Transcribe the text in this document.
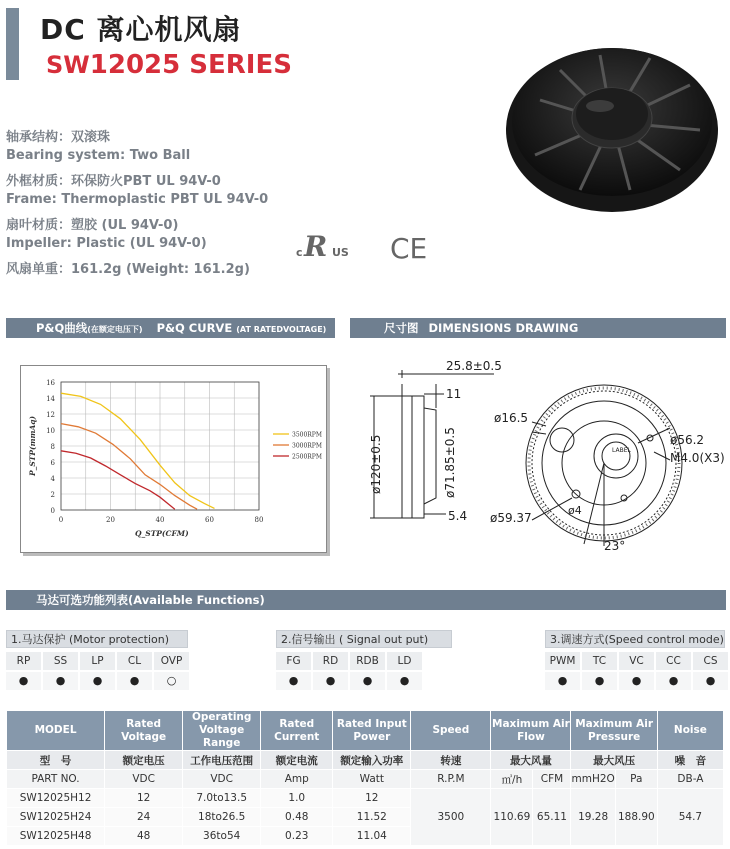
DC 离心机风扇
SW12025 SERIES
轴承结构：双滚珠
Bearing system: Two Ball
外框材质：环保防火PBT UL 94V-0
Frame: Thermoplastic PBT UL 94V-0
扇叶材质：塑胶 (UL 94V-0)
Impeller: Plastic (UL 94V-0)
风扇单重：161.2g (Weight: 161.2g)
c R US CE
P&Q曲线(在额定电压下) P&Q CURVE (AT RATEDVOLTAGE)	尺寸图 DIMENSIONS DRAWING
0
2
4
6
8
10
12
14
16
0	20	40	60	80
3500RPM
3000RPM
2500RPM
Q_STP(CFM)
P_STP(mmAq)
25.8±0.5
11
ø120±0.5	ø71.85±0.5
5.4
ø16.5
ø56.2
M4.0(X3)
ø59.37
ø4
23°
LABEL
马达可选功能列表(Available Functions)
1.马达保护 (Motor protection)	2.信号输出 ( Signal out put)	3.调速方式(Speed control mode)
RP
●
SS
●
LP
●
CL
●
OVP
○
FG
●
RD
●
RDB
●
LD
●
PWM
●
TC
●
VC
●
CC
●
CS
●
MODEL	Rated Voltage	Operating Voltage Range	Rated Current	Rated Input Power	Speed	Maximum Air Flow		Maximum Air Pressure		Noise
型　号	额定电压	工作电压范围	额定电流	额定输入功率	转速	最大风量		最大风压		噪　音
PART NO.	VDC	VDC	Amp	Watt	R.P.M	㎥/h	CFM	mmH2O	Pa	DB-A
SW12025H12	12	7.0to13.5	1.0	12	3500	110.69	65.11	19.28	188.90	54.7
SW12025H24	24	18to26.5	0.48	11.52						
SW12025H48	48	36to54	0.23	11.04						
